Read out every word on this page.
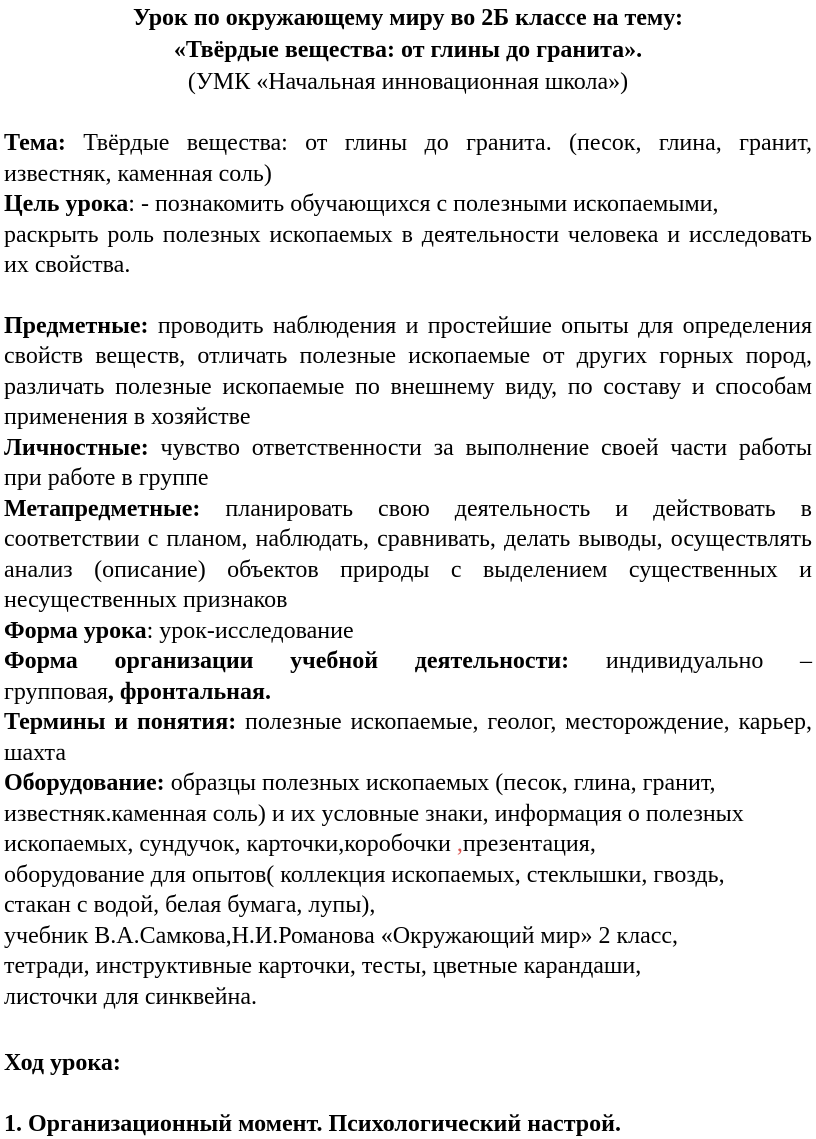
Урок по окружающему миру во 2Б классе на тему:
«Твёрдые вещества: от глины до гранита».
(УМК «Начальная инновационная школа»)

Тема: Твёрдые вещества: от глины до гранита. (песок, глина, гранит, известняк, каменная соль)

Цель урока: - познакомить обучающихся с полезными ископаемыми,

раскрыть роль полезных ископаемых в деятельности человека и исследовать их свойства.

Предметные: проводить наблюдения и простейшие опыты для определения свойств веществ, отличать полезные ископаемые от других горных пород, различать полезные ископаемые по внешнему виду, по составу и способам применения в хозяйстве

Личностные: чувство ответственности за выполнение своей части работы при работе в группе

Метапредметные: планировать свою деятельность и действовать в соответствии с планом, наблюдать, сравнивать, делать выводы, осуществлять анализ (описание) объектов природы с выделением существенных и несущественных признаков

Форма урока: урок-исследование

Форма организации учебной деятельности: индивидуально –

групповая, фронтальная.

Термины и понятия: полезные ископаемые, геолог, месторождение, карьер, шахта

Оборудование: образцы полезных ископаемых (песок, глина, гранит,

известняк.каменная соль) и их условные знаки, информация о полезных

ископаемых, сундучок, карточки,коробочки ,презентация,

оборудование для опытов( коллекция ископаемых, стеклышки, гвоздь,

стакан с водой, белая бумага, лупы),

учебник В.А.Самкова,Н.И.Романова «Окружающий мир» 2 класс,

тетради, инструктивные карточки, тесты, цветные карандаши,

листочки для синквейна.

Ход урока:

1. Организационный момент. Психологический настрой.
